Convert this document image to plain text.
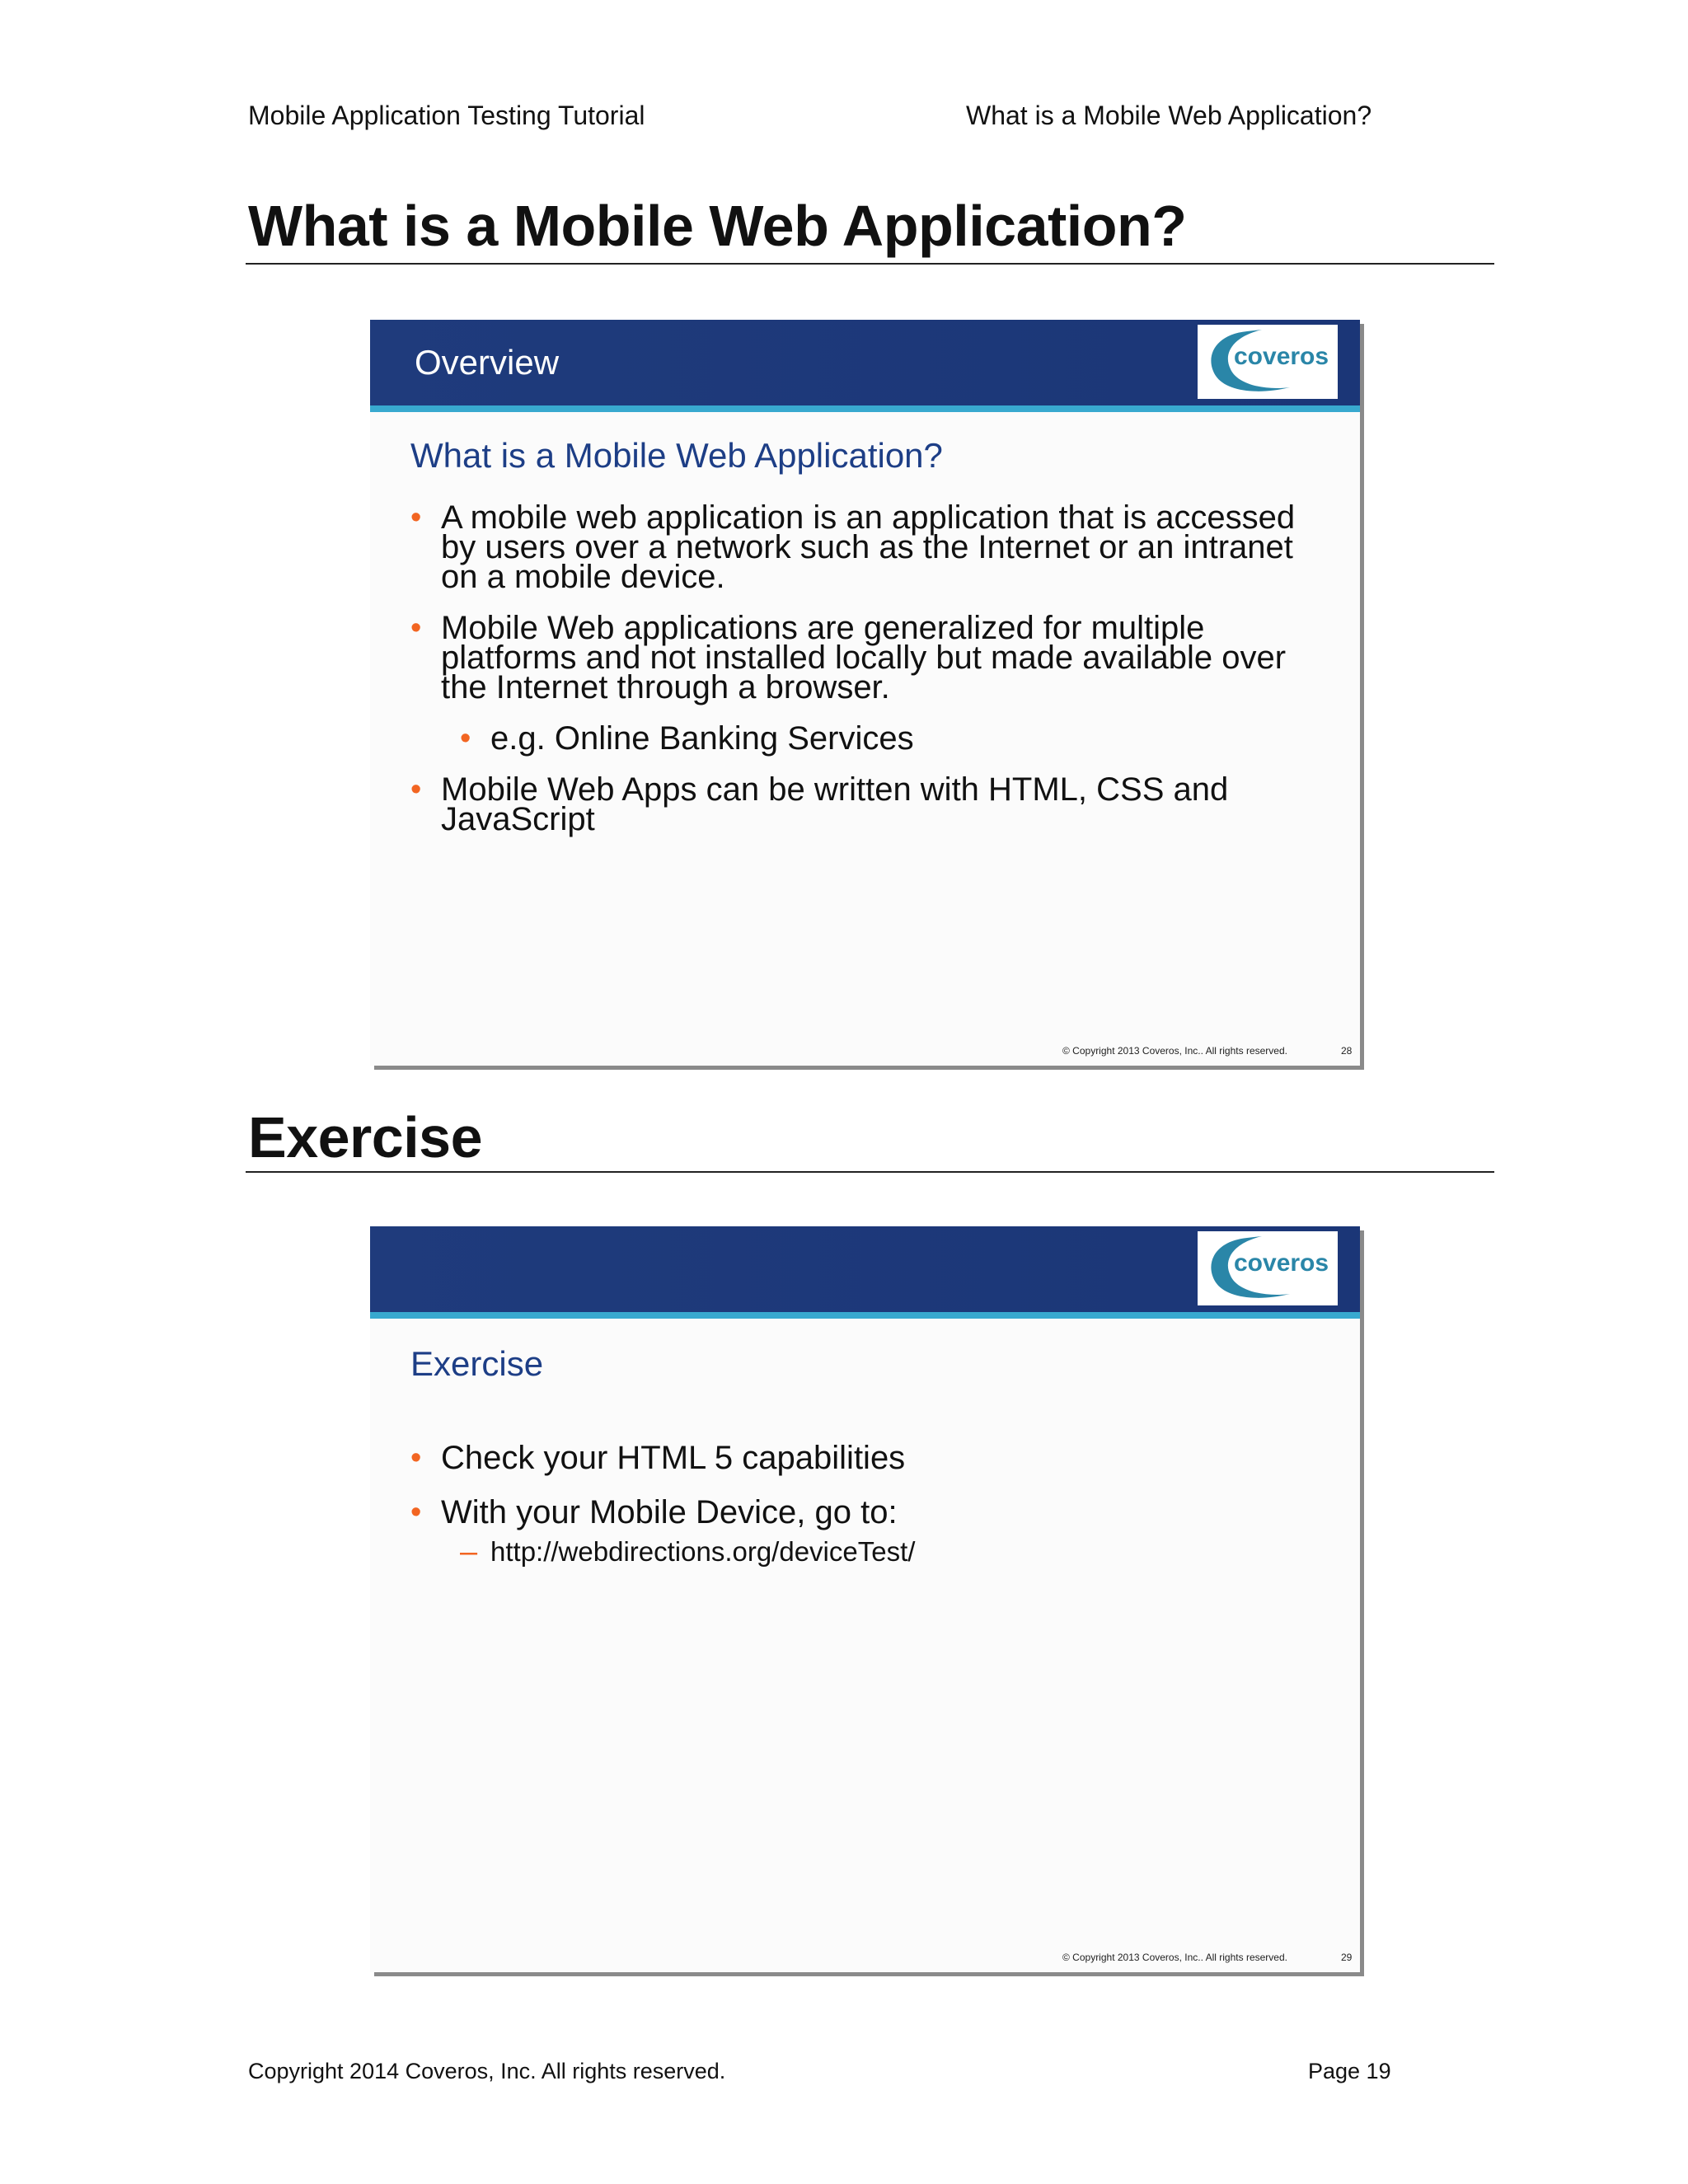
Mobile Application Testing Tutorial	What is a Mobile Web Application?
What is a Mobile Web Application?
Overview	coveros
What is a Mobile Web Application?
• A mobile web application is an application that is accessed by users over a network such as the Internet or an intranet on a mobile device.
• Mobile Web applications are generalized for multiple platforms and not installed locally but made available over the Internet through a browser.
• e.g. Online Banking Services
• Mobile Web Apps can be written with HTML, CSS and JavaScript
© Copyright 2013 Coveros, Inc.. All rights reserved.	28
Exercise
coveros
Exercise
• Check your HTML 5 capabilities
• With your Mobile Device, go to:
– http://webdirections.org/deviceTest/
© Copyright 2013 Coveros, Inc.. All rights reserved.	29
Copyright 2014 Coveros, Inc. All rights reserved.	Page 19
